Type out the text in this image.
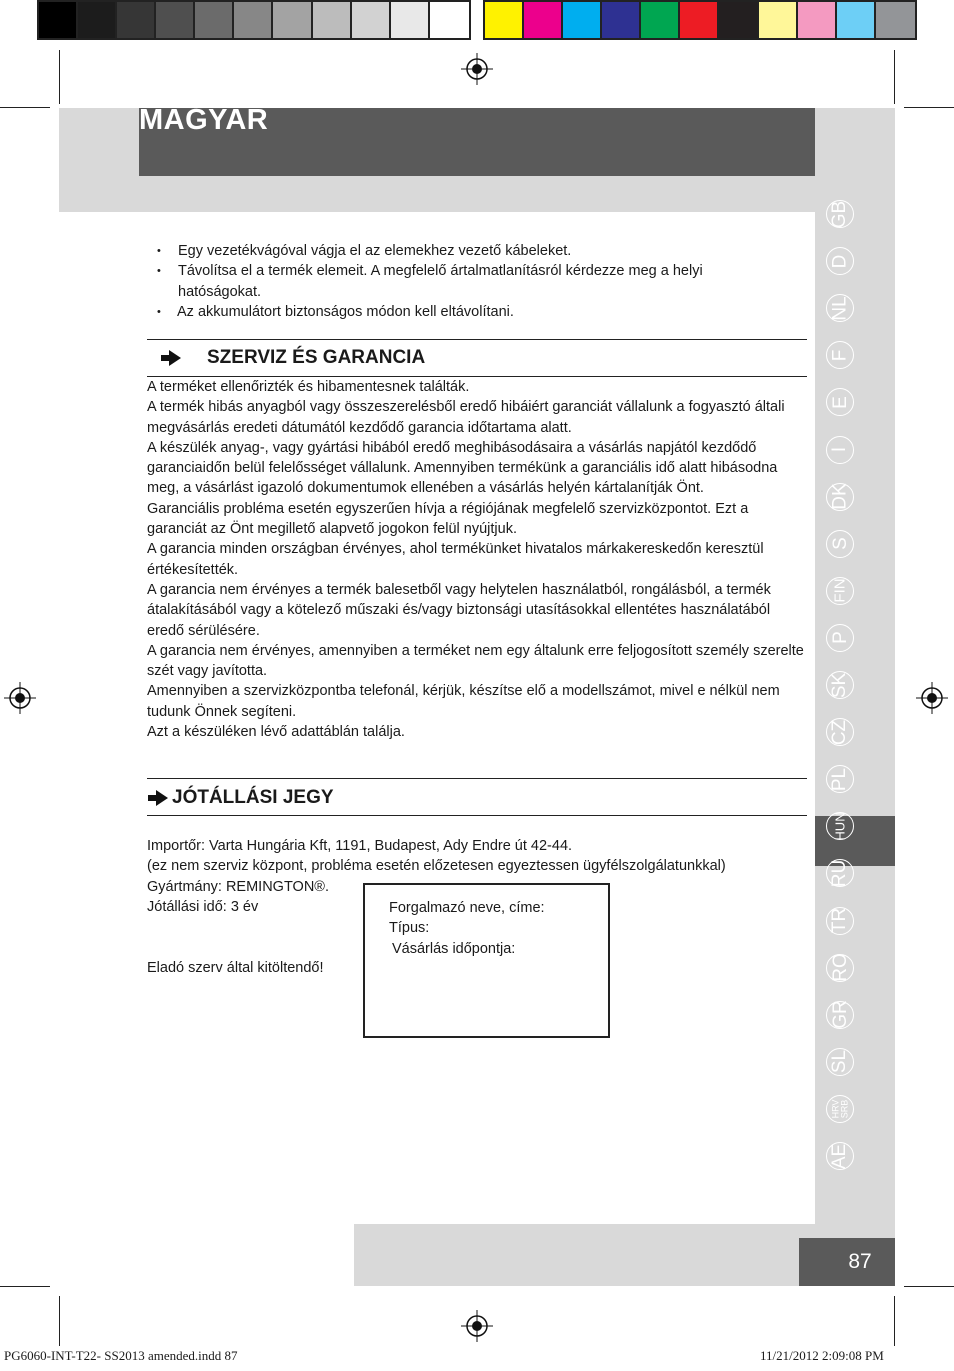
MAGYAR
GB
D
NL
F
E
I
DK
S
FIN
P
SK
CZ
PL
HUN
RU
TR
RO
GR
SL
HRV
SRB
AE
87
• Egy vezetékvágóval vágja el az elemekhez vezető kábeleket.
• Távolítsa el a termék elemeit. A megfelelő ártalmatlanításról kérdezze meg a helyi hatóságokat.
• Az akkumulátort biztonságos módon kell eltávolítani.
SZERVIZ ÉS GARANCIA

A terméket ellenőrizték és hibamentesnek találták.

A termék hibás anyagból vagy összeszerelésből eredő hibáiért garanciát vállalunk a fogyasztó általi megvásárlás eredeti dátumától kezdődő garancia időtartama alatt.

A készülék anyag-, vagy gyártási hibából eredő meghibásodásaira a vásárlás napjától kezdődő garanciaidőn belül felelősséget vállalunk. Amennyiben termékünk a garanciális idő alatt hibásodna meg, a vásárlást igazoló dokumentumok ellenében a vásárlás helyén kártalanítják Önt.

Garanciális probléma esetén egyszerűen hívja a régiójának megfelelő szervizközpontot. Ezt a garanciát az Önt megillető alapvető jogokon felül nyújtjuk.

A garancia minden országban érvényes, ahol termékünket hivatalos márkakereskedőn keresztül értékesítették.

A garancia nem érvényes a termék balesetből vagy helytelen használatból, rongálásból, a termék átalakításából vagy a kötelező műszaki és/vagy biztonsági utasításokkal ellentétes használatából eredő sérülésére.

A garancia nem érvényes, amennyiben a terméket nem egy általunk erre feljogosított személy szerelte szét vagy javította.

Amennyiben a szervizközpontba telefonál, kérjük, készítse elő a modellszámot, mivel e nélkül nem tudunk Önnek segíteni.

Azt a készüléken lévő adattáblán találja.

JÓTÁLLÁSI JEGY

Importőr: Varta Hungária Kft, 1191, Budapest, Ady Endre út 42-44.

(ez nem szerviz központ, probléma esetén előzetesen egyeztessen ügyfélszolgálatunkkal)

Gyártmány: REMINGTON®.

Jótállási idő: 3 év

Eladó szerv által kitöltendő!

Forgalmazó neve, címe:

Típus:

Vásárlás időpontja:

PG6060-INT-T22- SS2013 amended.indd 87	11/21/2012 2:09:08 PM
